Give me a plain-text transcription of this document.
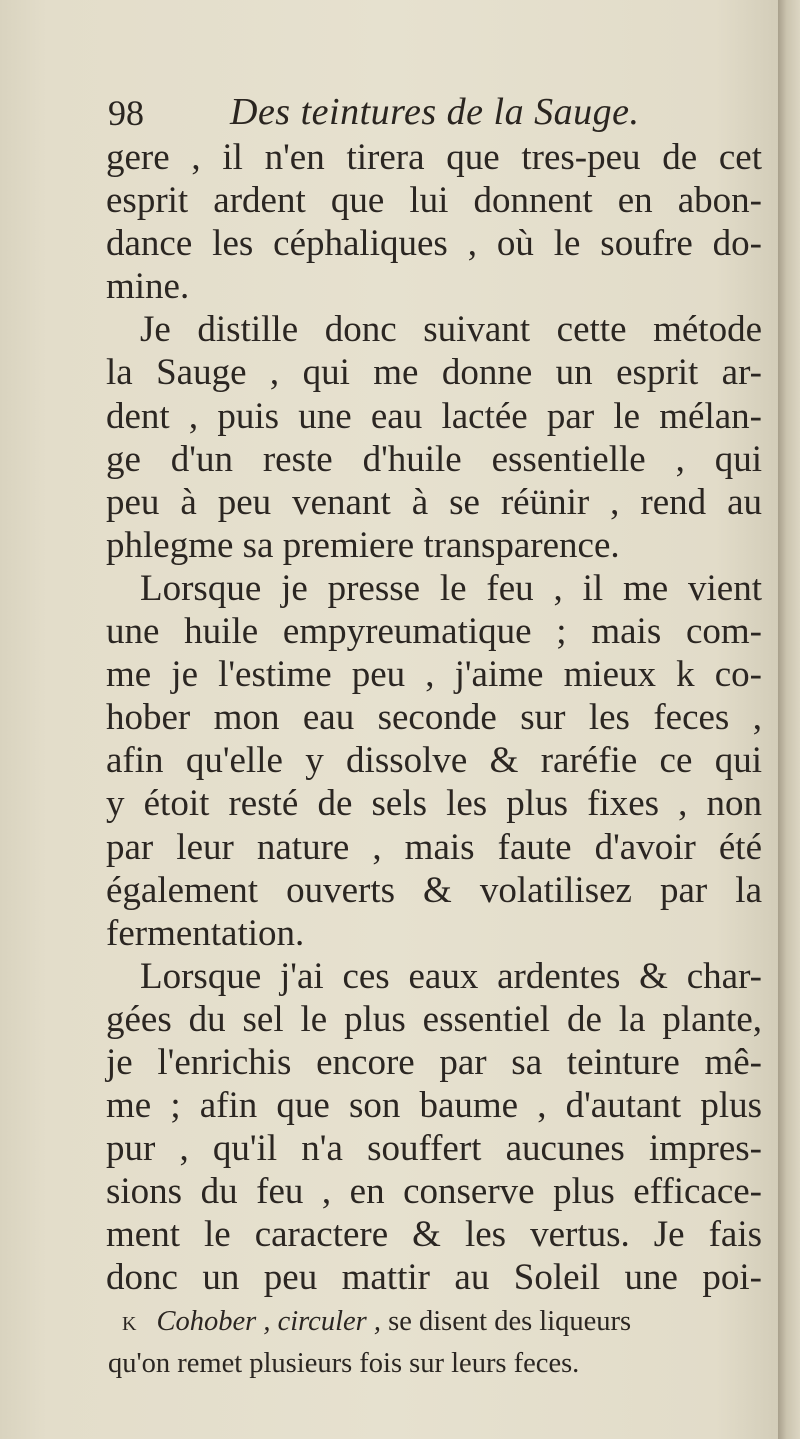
98 Des teintures de la Sauge.
gere , il n'en tirera que tres-peu de cet
esprit ardent que lui donnent en abon-
dance les céphaliques , où le soufre do-
mine.
Je distille donc suivant cette métode
la Sauge , qui me donne un esprit ar-
dent , puis une eau lactée par le mélan-
ge d'un reste d'huile essentielle , qui
peu à peu venant à se réünir , rend au
phlegme sa premiere transparence.
Lorsque je presse le feu , il me vient
une huile empyreumatique ; mais com-
me je l'estime peu , j'aime mieux k co-
hober mon eau seconde sur les feces ,
afin qu'elle y dissolve & raréfie ce qui
y étoit resté de sels les plus fixes , non
par leur nature , mais faute d'avoir été
également ouverts & volatilisez par la
fermentation.
Lorsque j'ai ces eaux ardentes & char-
gées du sel le plus essentiel de la plante,
je l'enrichis encore par sa teinture mê-
me ; afin que son baume , d'autant plus
pur , qu'il n'a souffert aucunes impres-
sions du feu , en conserve plus efficace-
ment le caractere & les vertus. Je fais
donc un peu mattir au Soleil une poi-
K Cohober , circuler , se disent des liqueurs
qu'on remet plusieurs fois sur leurs feces.
